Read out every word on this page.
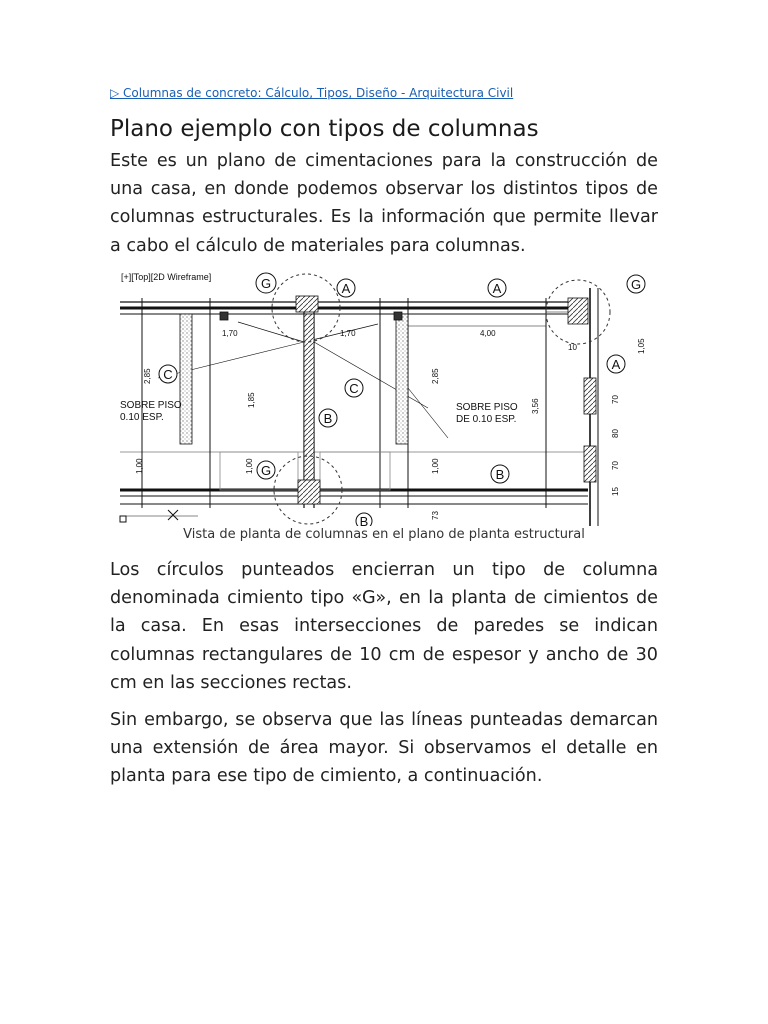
▷ Columnas de concreto: Cálculo, Tipos, Diseño - Arquitectura Civil
Plano ejemplo con tipos de columnas

Este es un plano de cimentaciones para la construcción de una casa, en donde podemos observar los distintos tipos de columnas estructurales. Es la información que permite llevar a cabo el cálculo de materiales para columnas.

[+][Top][2D Wireframe]	G	A	A	G
C
C
A
B
B
G
B
SOBRE PISO
DE 0.10 ESP.
SOBRE PISO
0.10 ESP.
4,00
1,70	1,70
10
2,85	2,85
1,85	3,56
1,00	1,00	1,00
1,05
70
80
70
73
15
Vista de planta de columnas en el plano de planta estructural

Los círculos punteados encierran un tipo de columna denominada cimiento tipo «G», en la planta de cimientos de la casa. En esas intersecciones de paredes se indican columnas rectangulares de 10 cm de espesor y ancho de 30 cm en las secciones rectas.

Sin embargo, se observa que las líneas punteadas demarcan una extensión de área mayor. Si observamos el detalle en planta para ese tipo de cimiento, a continuación.
